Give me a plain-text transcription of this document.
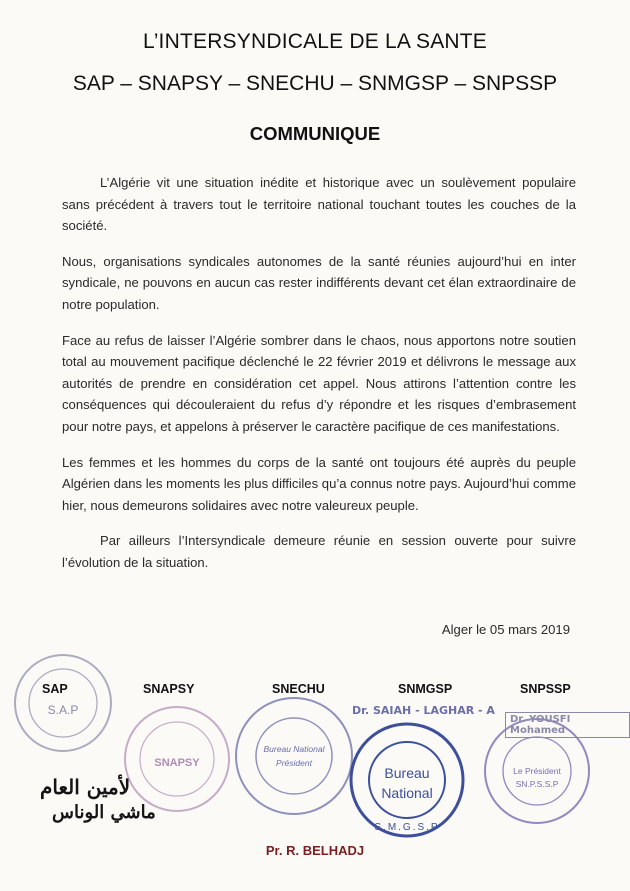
L’INTERSYNDICALE DE LA SANTE
SAP – SNAPSY – SNECHU – SNMGSP – SNPSSP
COMMUNIQUE

L’Algérie vit une situation inédite et historique avec un soulèvement populaire sans précédent à travers tout le territoire national touchant toutes les couches de la société.

Nous, organisations syndicales autonomes de la santé réunies aujourd’hui en inter syndicale, ne pouvons en aucun cas rester indifférents devant cet élan extraordinaire de notre population.

Face au refus de laisser l’Algérie sombrer dans le chaos, nous apportons notre soutien total au mouvement pacifique déclenché le 22 février 2019 et délivrons le message aux autorités de prendre en considération cet appel. Nous attirons l’attention contre les conséquences qui découleraient du refus d’y répondre et les risques d’embrasement pour notre pays, et appelons à préserver le caractère pacifique de ces manifestations.

Les femmes et les hommes du corps de la santé ont toujours été auprès du peuple Algérien dans les moments les plus difficiles qu’a connus notre pays. Aujourd’hui comme hier, nous demeurons solidaires avec notre valeureux peuple.

Par ailleurs l’Intersyndicale demeure réunie en session ouverte pour suivre l’évolution de la situation.

Alger le 05 mars 2019
SAP	SNAPSY	SNECHU	SNMGSP	SNPSSP
S.A.P
SNAPSY
Bureau National
Président
Bureau
National
S.M.G.S.P
Le Président
SN.P.S.S.P
Dr. SAIAH - LAGHAR - A
Dr. YOUSFI Mohamed
لأمين العام
ماشي الوناس
Pr. R. BELHADJ
